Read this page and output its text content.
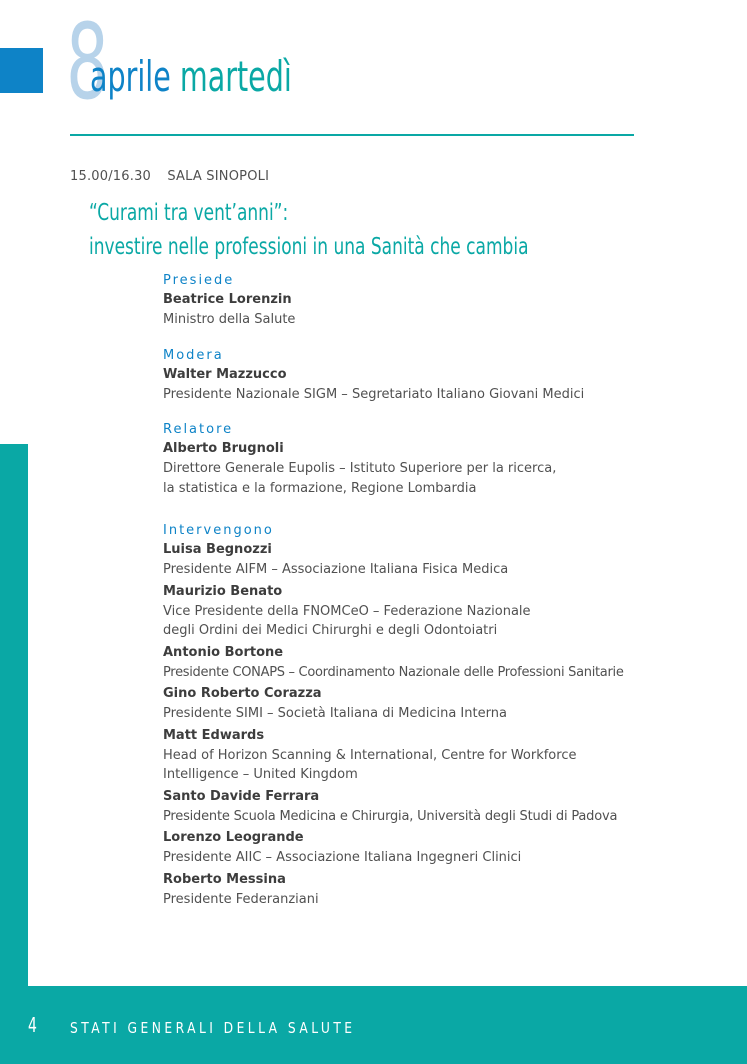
8
aprile martedì
15.00/16.30 SALA SINOPOLI
“Curami tra vent’anni”:
investire nelle professioni in una Sanità che cambia
Presiede
Beatrice Lorenzin
Ministro della Salute
Modera
Walter Mazzucco
Presidente Nazionale SIGM – Segretariato Italiano Giovani Medici
Relatore
Alberto Brugnoli
Direttore Generale Eupolis – Istituto Superiore per la ricerca,
la statistica e la formazione, Regione Lombardia
Intervengono
Luisa Begnozzi
Presidente AIFM – Associazione Italiana Fisica Medica
Maurizio Benato
Vice Presidente della FNOMCeO – Federazione Nazionale
degli Ordini dei Medici Chirurghi e degli Odontoiatri
Antonio Bortone
Presidente CONAPS – Coordinamento Nazionale delle Professioni Sanitarie
Gino Roberto Corazza
Presidente SIMI – Società Italiana di Medicina Interna
Matt Edwards
Head of Horizon Scanning & International, Centre for Workforce
Intelligence – United Kingdom
Santo Davide Ferrara
Presidente Scuola Medicina e Chirurgia, Università degli Studi di Padova
Lorenzo Leogrande
Presidente AIIC – Associazione Italiana Ingegneri Clinici
Roberto Messina
Presidente Federanziani
4 STATI GENERALI DELLA SALUTE
